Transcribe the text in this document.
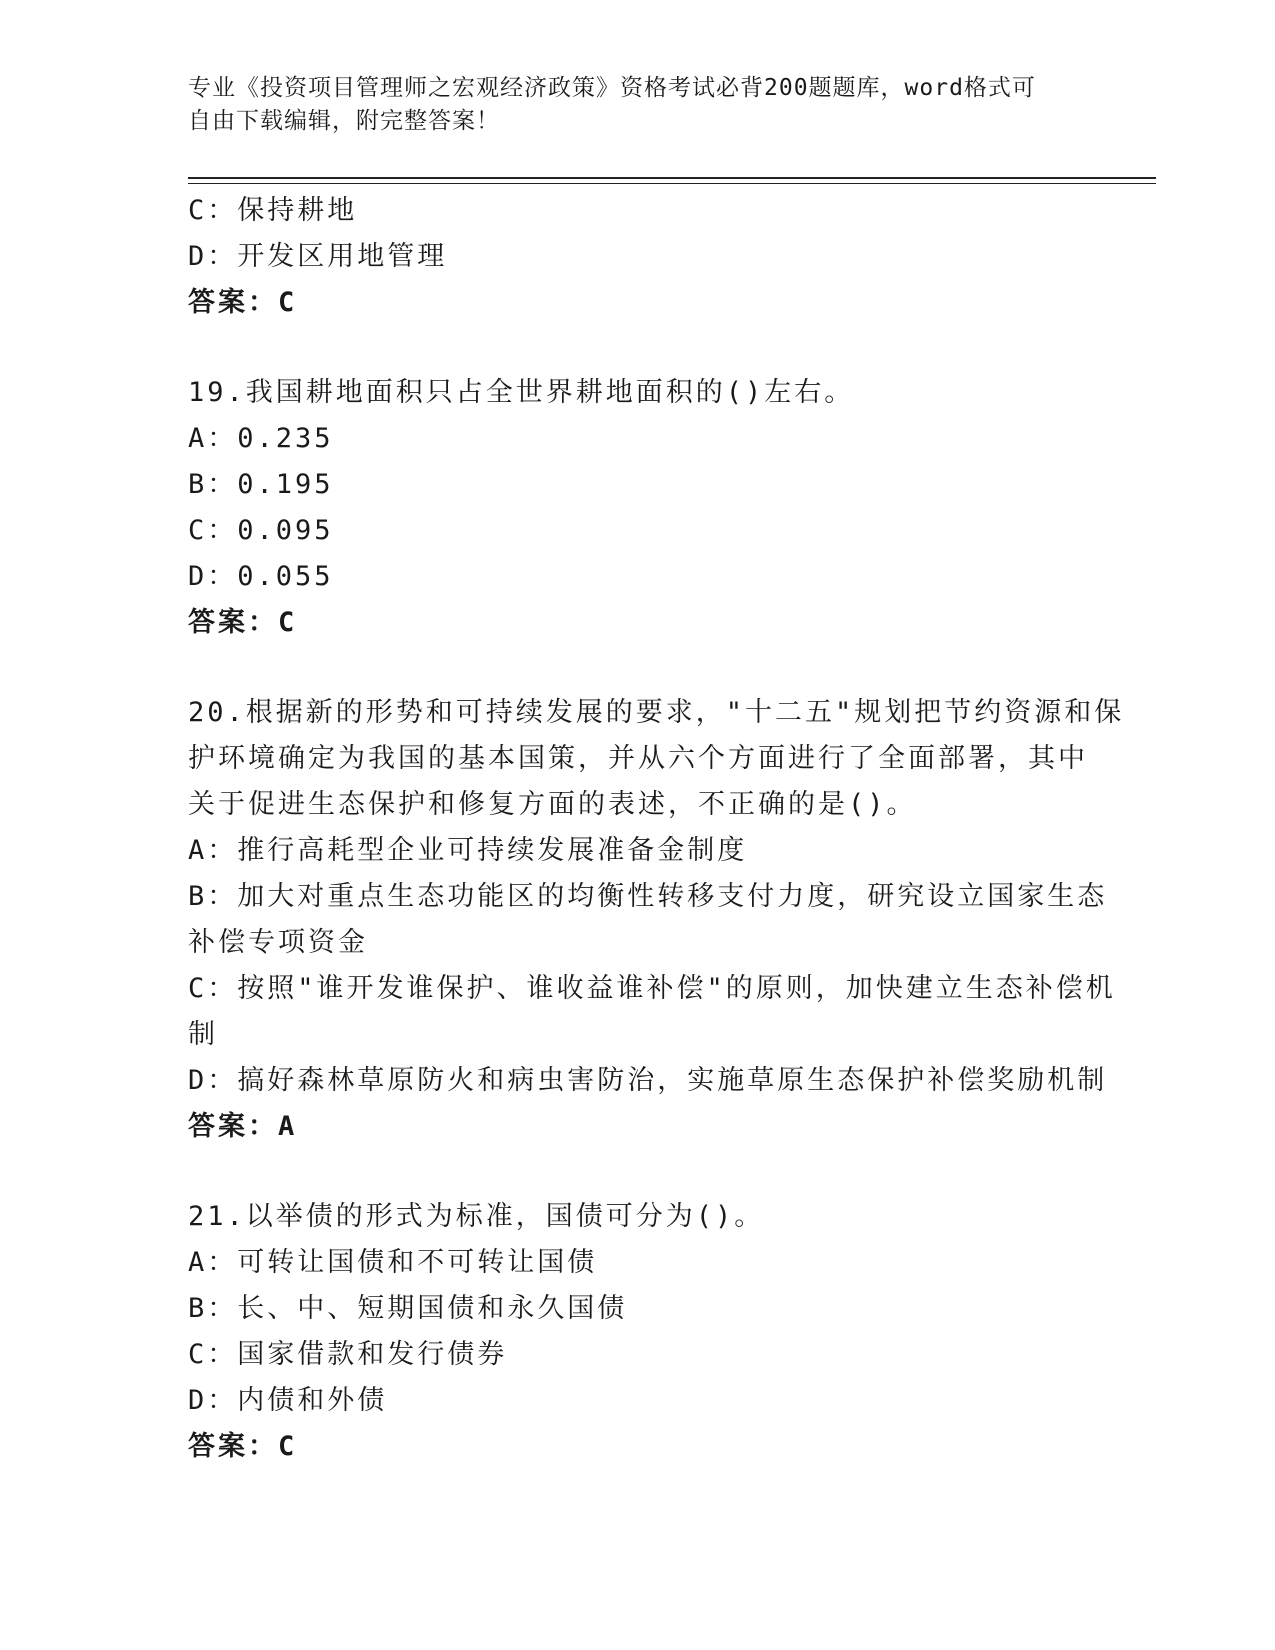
专业《投资项目管理师之宏观经济政策》资格考试必背200题题库，word格式可

自由下载编辑，附完整答案！

C：保持耕地
D：开发区用地管理
答案：C
19.我国耕地面积只占全世界耕地面积的()左右。
A：0.235
B：0.195
C：0.095
D：0.055
答案：C
20.根据新的形势和可持续发展的要求，"十二五"规划把节约资源和保
护环境确定为我国的基本国策，并从六个方面进行了全面部署，其中
关于促进生态保护和修复方面的表述，不正确的是()。
A：推行高耗型企业可持续发展准备金制度
B：加大对重点生态功能区的均衡性转移支付力度，研究设立国家生态
补偿专项资金
C：按照"谁开发谁保护、谁收益谁补偿"的原则，加快建立生态补偿机
制
D：搞好森林草原防火和病虫害防治，实施草原生态保护补偿奖励机制
答案：A
21.以举债的形式为标准，国债可分为()。
A：可转让国债和不可转让国债
B：长、中、短期国债和永久国债
C：国家借款和发行债券
D：内债和外债
答案：C
